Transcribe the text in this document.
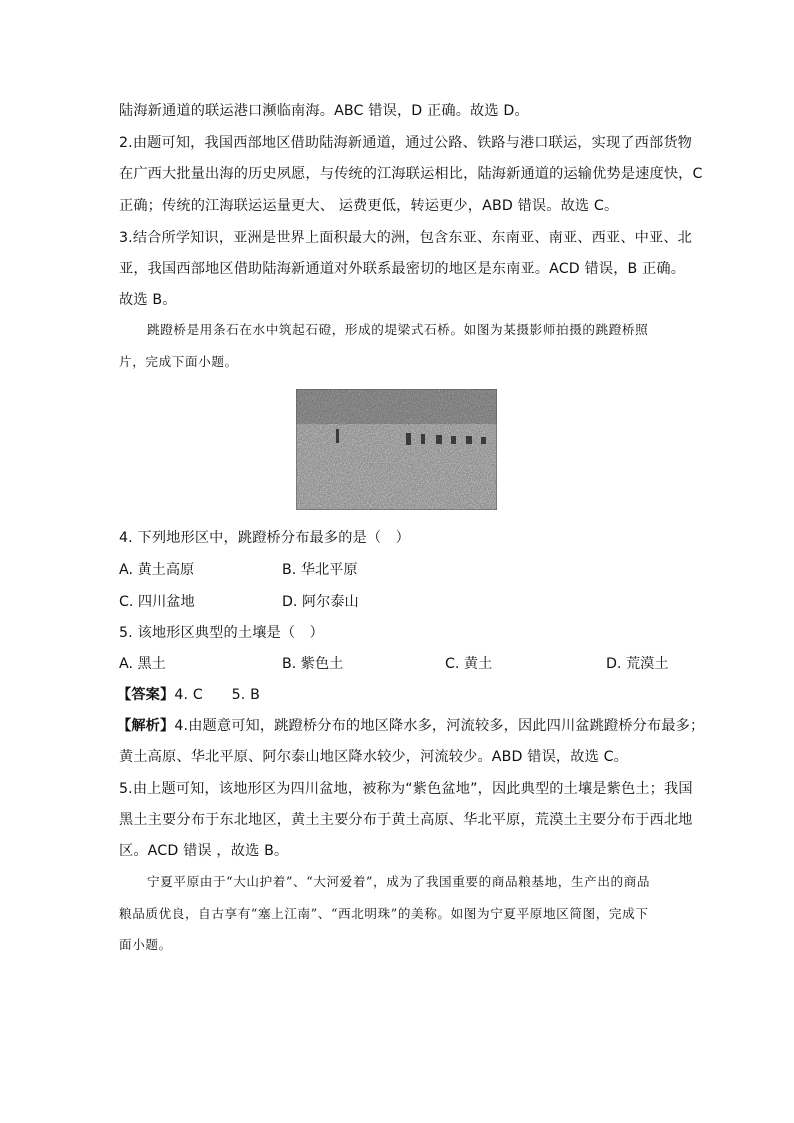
陆海新通道的联运港口濒临南海。ABC 错误，D 正确。故选 D。
2.由题可知，我国西部地区借助陆海新通道，通过公路、铁路与港口联运，实现了西部货物
在广西大批量出海的历史夙愿，与传统的江海联运相比，陆海新通道的运输优势是速度快，C
正确；传统的江海联运运量更大、 运费更低，转运更少，ABD 错误。故选 C。
3.结合所学知识，亚洲是世界上面积最大的洲，包含东亚、东南亚、南亚、西亚、中亚、北
亚，我国西部地区借助陆海新通道对外联系最密切的地区是东南亚。ACD 错误，B 正确。
故选 B。
跳蹬桥是用条石在水中筑起石磴，形成的堤梁式石桥。如图为某摄影师拍摄的跳蹬桥照
片，完成下面小题。
4. 下列地形区中，跳蹬桥分布最多的是（　）
A. 黄土高原	B. 华北平原
C. 四川盆地	D. 阿尔泰山
5. 该地形区典型的土壤是（　）
A. 黑土	B. 紫色土	C. 黄土	D. 荒漠土
【答案】4. C　　5. B
【解析】4.由题意可知，跳蹬桥分布的地区降水多，河流较多，因此四川盆跳蹬桥分布最多；
黄土高原、华北平原、阿尔泰山地区降水较少，河流较少。ABD 错误，故选 C。
5.由上题可知，该地形区为四川盆地，被称为“紫色盆地”，因此典型的土壤是紫色土；我国
黑土主要分布于东北地区，黄土主要分布于黄土高原、华北平原，荒漠土主要分布于西北地
区。ACD 错误 ，故选 B。
宁夏平原由于“大山护着”、“大河爱着”，成为了我国重要的商品粮基地，生产出的商品
粮品质优良，自古享有“塞上江南”、“西北明珠”的美称。如图为宁夏平原地区简图，完成下
面小题。
